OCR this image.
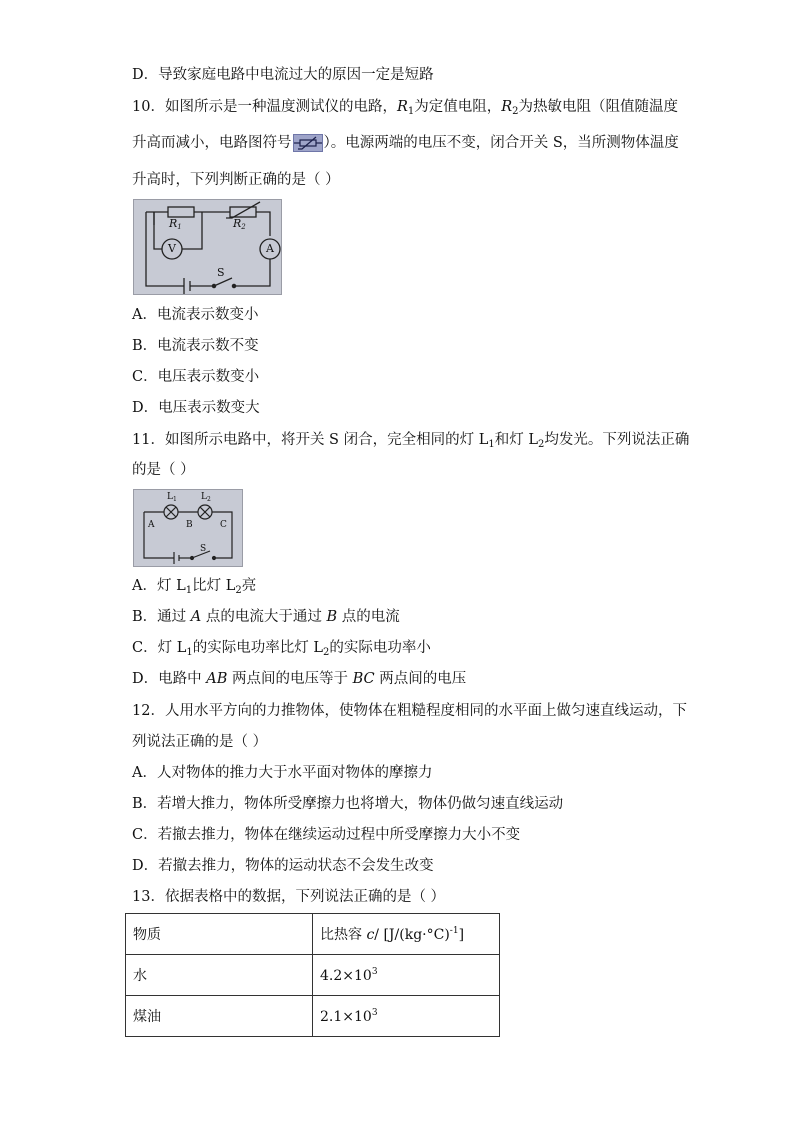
D．导致家庭电路中电流过大的原因一定是短路
10．如图所示是一种温度测试仪的电路，$R_1$为定值电阻，$R_2$为热敏电阻（阻值随温度
升高而减小，电路图符号 ）。电源两端的电压不变，闭合开关 S，当所测物体温度
升高时，下列判断正确的是（ ）
$R_1$	$R_2$
V	A
S
A．电流表示数变小
B．电流表示数不变
C．电压表示数变小
D．电压表示数变大
11．如图所示电路中，将开关 S 闭合，完全相同的灯 $L_1$和灯 $L_2$均发光。下列说法正确
的是（ ）
$L_1$	$L_2$
A	B	C
S
A．灯 $L_1$比灯 $L_2$亮
B．通过 A 点的电流大于通过 B 点的电流
C．灯 $L_1$的实际电功率比灯 $L_2$的实际电功率小
D．电路中 AB 两点间的电压等于 BC 两点间的电压
12．人用水平方向的力推物体，使物体在粗糙程度相同的水平面上做匀速直线运动，下
列说法正确的是（ ）
A．人对物体的推力大于水平面对物体的摩擦力
B．若增大推力，物体所受摩擦力也将增大，物体仍做匀速直线运动
C．若撤去推力，物体在继续运动过程中所受摩擦力大小不变
D．若撤去推力，物体的运动状态不会发生改变
13．依据表格中的数据，下列说法正确的是（ ）
物质	比热容 c/ $[J/(kg\cdot^\circ C)^{-1}]$
水	$4.2\times 10^3$
煤油	$2.1\times 10^3$
